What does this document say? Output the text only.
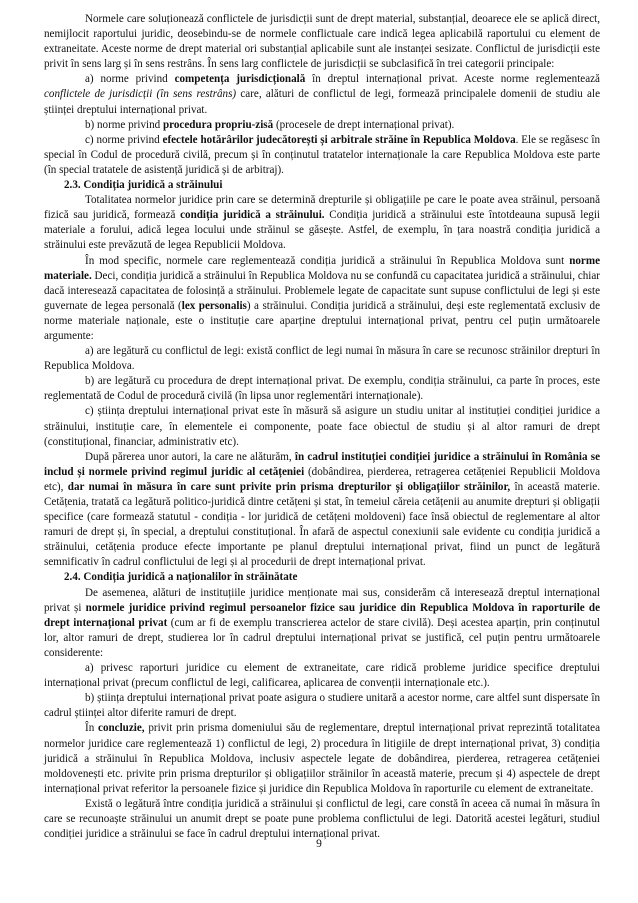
Normele care soluționează conflictele de jurisdicții sunt de drept material, substanțial, deoarece ele se aplică direct, nemijlocit raportului juridic, deosebindu-se de normele conflictuale care indică legea aplicabilă raportului cu element de extraneitate. Aceste norme de drept material ori substanțial aplicabile sunt ale instanței sesizate. Conflictul de jurisdicții este privit în sens larg și în sens restrâns. În sens larg conflictele de jurisdicții se subclasifică în trei categorii principale:

a) norme privind competența jurisdicțională în dreptul internațional privat. Aceste norme reglementează conflictele de jurisdicții (în sens restrâns) care, alături de conflictul de legi, formează principalele domenii de studiu ale științei dreptului internațional privat.

b) norme privind procedura propriu-zisă (procesele de drept internațional privat).

c) norme privind efectele hotărârilor judecătorești și arbitrale străine în Republica Moldova. Ele se regăsesc în special în Codul de procedură civilă, precum și în conținutul tratatelor internaționale la care Republica Moldova este parte (în special tratatele de asistență juridică și de arbitraj).

2.3. Condiția juridică a străinului

Totalitatea normelor juridice prin care se determină drepturile și obligațiile pe care le poate avea străinul, persoană fizică sau juridică, formează condiția juridică a străinului. Condiția juridică a străinului este întotdeauna supusă legii materiale a forului, adică legea locului unde străinul se găsește. Astfel, de exemplu, în țara noastră condiția juridică a străinului este prevăzută de legea Republicii Moldova.

În mod specific, normele care reglementează condiția juridică a străinului în Republica Moldova sunt norme materiale. Deci, condiția juridică a străinului în Republica Moldova nu se confundă cu capacitatea juridică a străinului, chiar dacă interesează capacitatea de folosință a străinului. Problemele legate de capacitate sunt supuse conflictului de legi și este guvernate de legea personală (lex personalis) a străinului. Condiția juridică a străinului, deși este reglementată exclusiv de norme materiale naționale, este o instituție care aparține dreptului internațional privat, pentru cel puțin următoarele argumente:

a) are legătură cu conflictul de legi: există conflict de legi numai în măsura în care se recunosc străinilor drepturi în Republica Moldova.

b) are legătură cu procedura de drept internațional privat. De exemplu, condiția străinului, ca parte în proces, este reglementată de Codul de procedură civilă (în lipsa unor reglementări internaționale).

c) știința dreptului internațional privat este în măsură să asigure un studiu unitar al instituției condiției juridice a străinului, instituție care, în elementele ei componente, poate face obiectul de studiu și al altor ramuri de drept (constituțional, financiar, administrativ etc).

După părerea unor autori, la care ne alăturăm, în cadrul instituției condiției juridice a străinului în România se includ și normele privind regimul juridic al cetățeniei (dobândirea, pierderea, retragerea cetățeniei Republicii Moldova etc), dar numai în măsura în care sunt privite prin prisma drepturilor și obligațiilor străinilor, în această materie. Cetățenia, tratată ca legătură politico-juridică dintre cetățeni și stat, în temeiul căreia cetățenii au anumite drepturi și obligații specifice (care formează statutul - condiția - lor juridică de cetățeni moldoveni) face însă obiectul de reglementare al altor ramuri de drept și, în special, a dreptului constituțional. În afară de aspectul conexiunii sale evidente cu condiția juridică a străinului, cetățenia produce efecte importante pe planul dreptului internațional privat, fiind un punct de legătură semnificativ în cadrul conflictului de legi și al procedurii de drept internațional privat.

2.4. Condiția juridică a naționalilor în străinătate

De asemenea, alături de instituțiile juridice menționate mai sus, considerăm că interesează dreptul internațional privat și normele juridice privind regimul persoanelor fizice sau juridice din Republica Moldova în raporturile de drept internațional privat (cum ar fi de exemplu transcrierea actelor de stare civilă). Deși acestea aparțin, prin conținutul lor, altor ramuri de drept, studierea lor în cadrul dreptului internațional privat se justifică, cel puțin pentru următoarele considerente:

a) privesc raporturi juridice cu element de extraneitate, care ridică probleme juridice specifice dreptului internațional privat (precum conflictul de legi, calificarea, aplicarea de convenții internaționale etc.).

b) știința dreptului internațional privat poate asigura o studiere unitară a acestor norme, care altfel sunt dispersate în cadrul științei altor diferite ramuri de drept.

În concluzie, privit prin prisma domeniului său de reglementare, dreptul internațional privat reprezintă totalitatea normelor juridice care reglementează 1) conflictul de legi, 2) procedura în litigiile de drept internațional privat, 3) condiția juridică a străinului în Republica Moldova, inclusiv aspectele legate de dobândirea, pierderea, retragerea cetățeniei moldovenești etc. privite prin prisma drepturilor și obligațiilor străinilor în această materie, precum și 4) aspectele de drept internațional privat referitor la persoanele fizice și juridice din Republica Moldova în raporturile cu element de extraneitate.

Există o legătură între condiția juridică a străinului și conflictul de legi, care constă în aceea că numai în măsura în care se recunoaște străinului un anumit drept se poate pune problema conflictului de legi. Datorită acestei legături, studiul condiției juridice a străinului se face în cadrul dreptului internațional privat.

9
